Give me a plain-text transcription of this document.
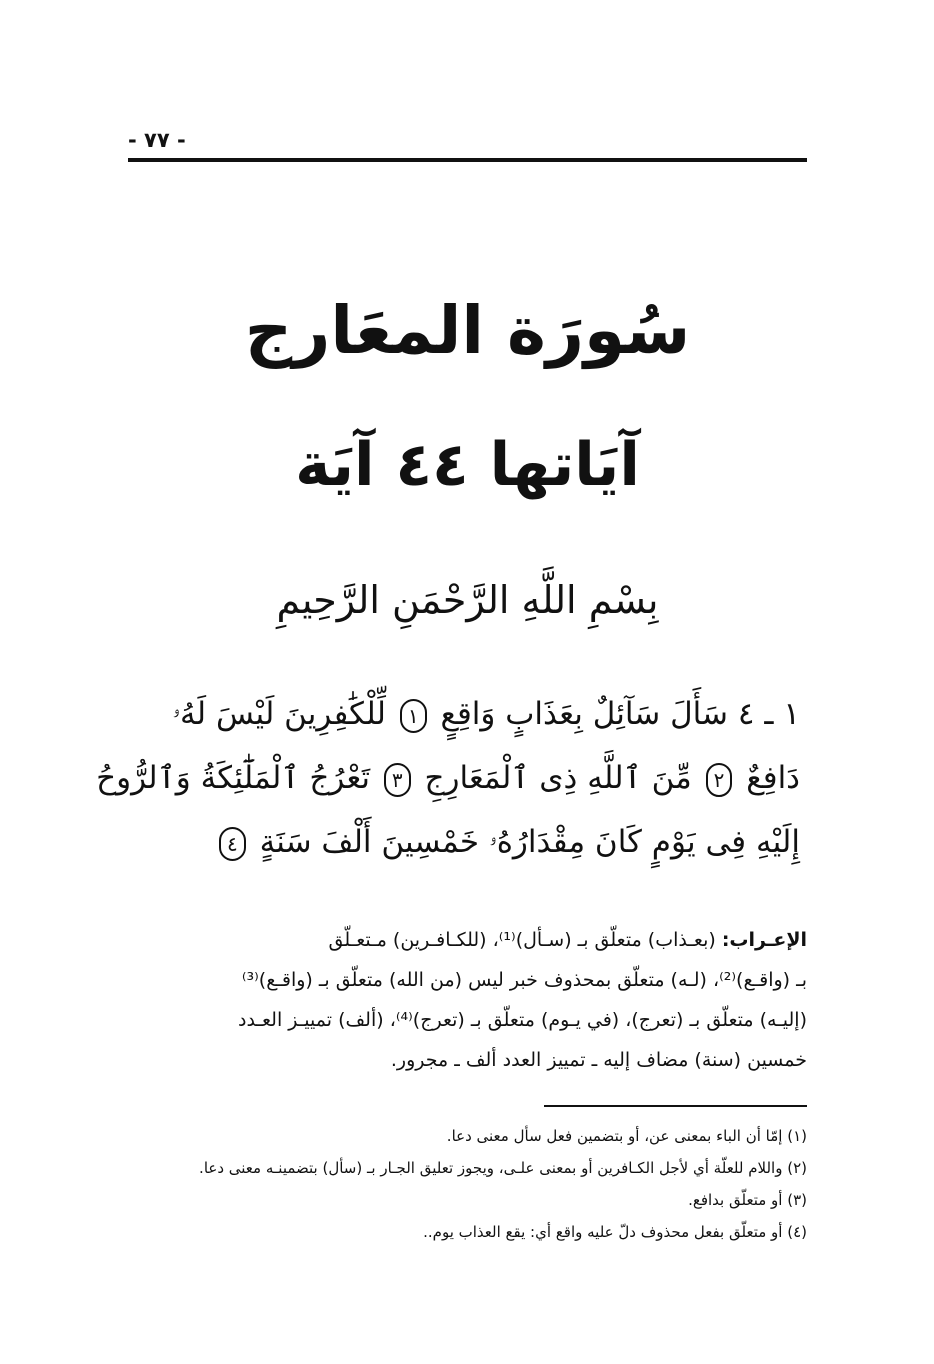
- ٧٧ -
سُورَة المعَارج
آيَاتها ٤٤ آيَة
بِسْمِ اللَّهِ الرَّحْمَنِ الرَّحِيمِ
١ ـ ٤ سَأَلَ سَآئِلٌ بِعَذَابٍ وَاقِعٍ ١ لِّلْكَٰفِرِينَ لَيْسَ لَهُۥ
دَافِعٌ ٢ مِّنَ ٱللَّهِ ذِى ٱلْمَعَارِجِ ٣ تَعْرُجُ ٱلْمَلَٰٓئِكَةُ وَٱلرُّوحُ
إِلَيْهِ فِى يَوْمٍ كَانَ مِقْدَارُهُۥ خَمْسِينَ أَلْفَ سَنَةٍ ٤
الإعـراب: (بعـذاب) متعلّق بـ (سـأل)⁽¹⁾، (للكـافـرين) مـتعـلّق
بـ (واقـع)⁽²⁾، (لـه) متعلّق بمحذوف خبر ليس (من الله) متعلّق بـ (واقـع)⁽³⁾
(إليـه) متعلّق بـ (تعرج)، (في يـوم) متعلّق بـ (تعرج)⁽⁴⁾، (ألف) تمييـز العـدد
خمسين (سنة) مضاف إليه ـ تمييز العدد ألف ـ مجرور.
(١) إمّا أن الباء بمعنى عن، أو بتضمين فعل سأل معنى دعا.
(٢) واللام للعلّة أي لأجل الكـافرين أو بمعنى علـى، ويجوز تعليق الجـار بـ (سأل) بتضمينـه معنى دعا.
(٣) أو متعلّق بدافع.
(٤) أو متعلّق بفعل محذوف دلّ عليه واقع أي: يقع العذاب يوم..
